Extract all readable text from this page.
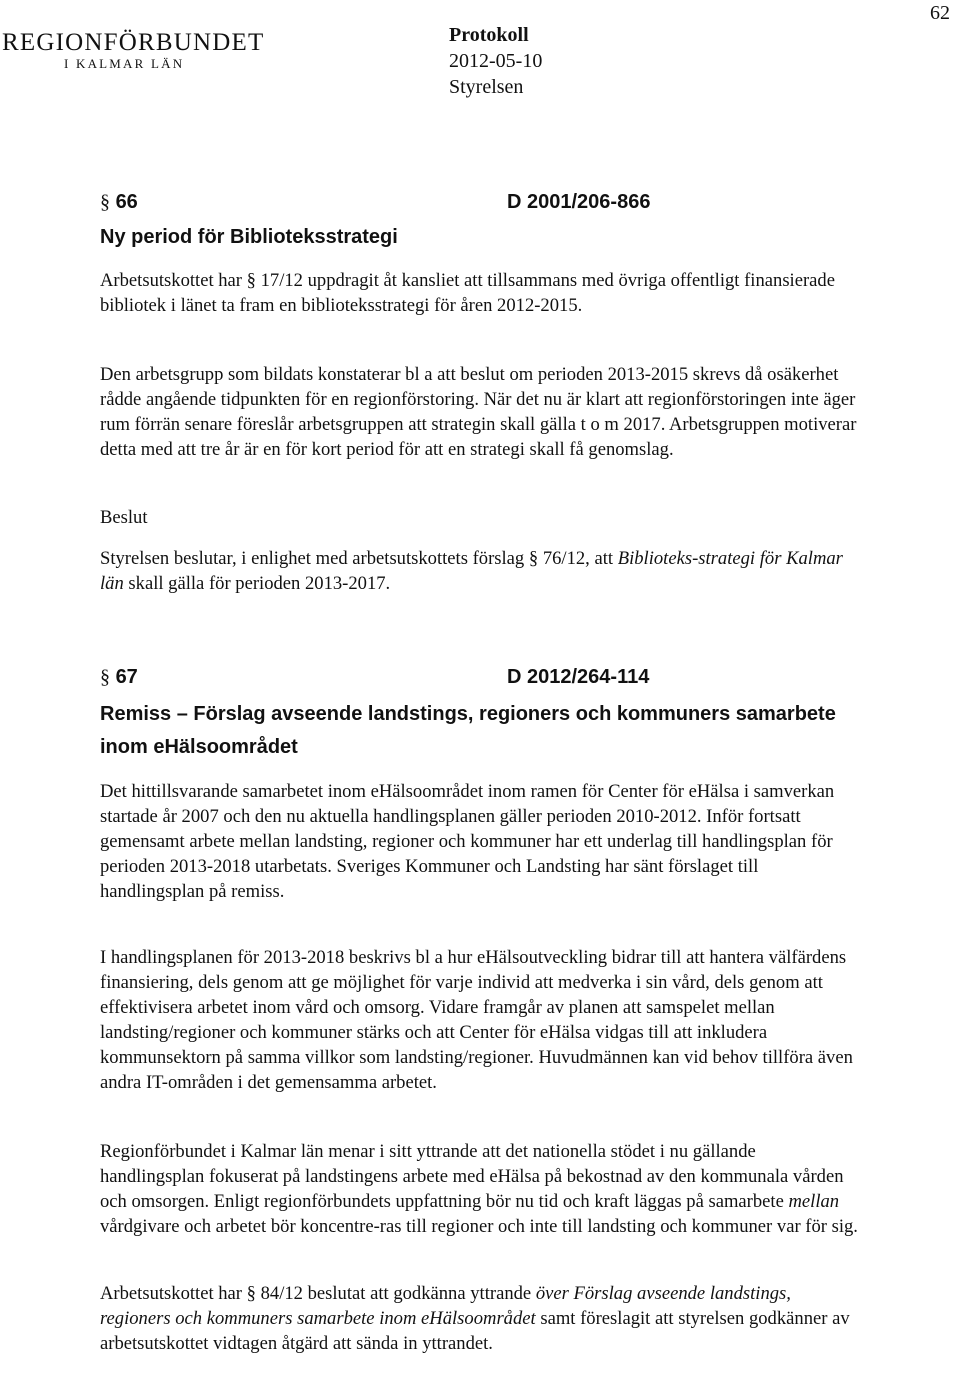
62
REGIONFÖRBUNDET
I KALMAR LÄN
Protokoll
2012-05-10
Styrelsen
§ 66	D 2001/206-866
Ny period för Biblioteksstrategi
Arbetsutskottet har § 17/12 uppdragit åt kansliet att tillsammans med övriga offentligt finansierade bibliotek i länet ta fram en biblioteksstrategi för åren 2012-2015.
Den arbetsgrupp som bildats konstaterar bl a att beslut om perioden 2013-2015 skrevs då osäkerhet rådde angående tidpunkten för en regionförstoring. När det nu är klart att regionförstoringen inte äger rum förrän senare föreslår arbetsgruppen att strategin skall gälla t o m 2017. Arbetsgruppen motiverar detta med att tre år är en för kort period för att en strategi skall få genomslag.
Beslut
Styrelsen beslutar, i enlighet med arbetsutskottets förslag § 76/12, att Biblioteks-strategi för Kalmar län skall gälla för perioden 2013-2017.
§ 67	D 2012/264-114
Remiss – Förslag avseende landstings, regioners och kommuners samarbete inom eHälsoområdet
Det hittillsvarande samarbetet inom eHälsoområdet inom ramen för Center för eHälsa i samverkan startade år 2007 och den nu aktuella handlingsplanen gäller perioden 2010-2012. Inför fortsatt gemensamt arbete mellan landsting, regioner och kommuner har ett underlag till handlingsplan för perioden 2013-2018 utarbetats. Sveriges Kommuner och Landsting har sänt förslaget till handlingsplan på remiss.
I handlingsplanen för 2013-2018 beskrivs bl a hur eHälsoutveckling bidrar till att hantera välfärdens finansiering, dels genom att ge möjlighet för varje individ att medverka i sin vård, dels genom att effektivisera arbetet inom vård och omsorg. Vidare framgår av planen att samspelet mellan landsting/regioner och kommuner stärks och att Center för eHälsa vidgas till att inkludera kommunsektorn på samma villkor som landsting/regioner. Huvudmännen kan vid behov tillföra även andra IT-områden i det gemensamma arbetet.
Regionförbundet i Kalmar län menar i sitt yttrande att det nationella stödet i nu gällande handlingsplan fokuserat på landstingens arbete med eHälsa på bekostnad av den kommunala vården och omsorgen. Enligt regionförbundets uppfattning bör nu tid och kraft läggas på samarbete mellan vårdgivare och arbetet bör koncentre-ras till regioner och inte till landsting och kommuner var för sig.
Arbetsutskottet har § 84/12 beslutat att godkänna yttrande över Förslag avseende landstings, regioners och kommuners samarbete inom eHälsoområdet samt föreslagit att styrelsen godkänner av arbetsutskottet vidtagen åtgärd att sända in yttrandet.
